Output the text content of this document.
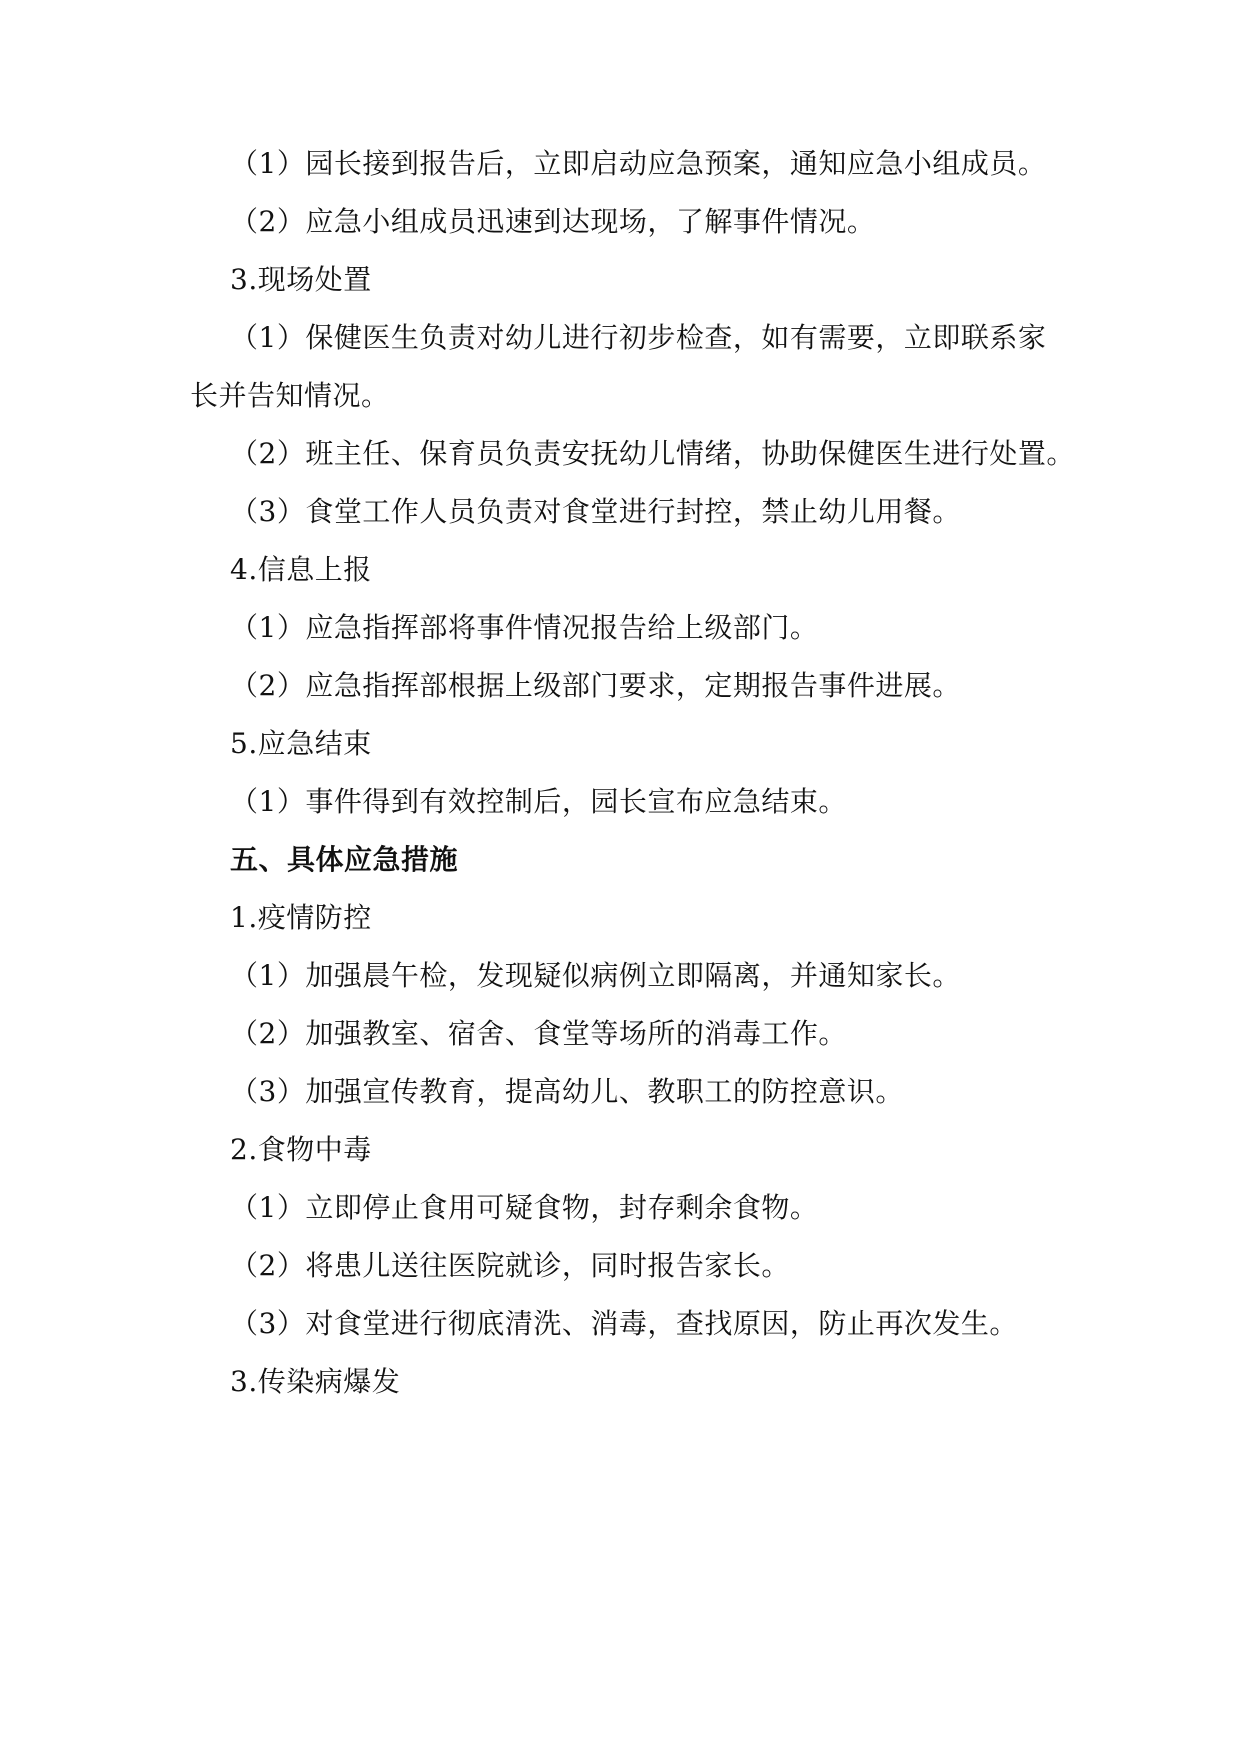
（1）园长接到报告后，立即启动应急预案，通知应急小组成员。
（2）应急小组成员迅速到达现场，了解事件情况。
3.现场处置
（1）保健医生负责对幼儿进行初步检查，如有需要，立即联系家
长并告知情况。
（2）班主任、保育员负责安抚幼儿情绪，协助保健医生进行处置。
（3）食堂工作人员负责对食堂进行封控，禁止幼儿用餐。
4.信息上报
（1）应急指挥部将事件情况报告给上级部门。
（2）应急指挥部根据上级部门要求，定期报告事件进展。
5.应急结束
（1）事件得到有效控制后，园长宣布应急结束。
五、具体应急措施
1.疫情防控
（1）加强晨午检，发现疑似病例立即隔离，并通知家长。
（2）加强教室、宿舍、食堂等场所的消毒工作。
（3）加强宣传教育，提高幼儿、教职工的防控意识。
2.食物中毒
（1）立即停止食用可疑食物，封存剩余食物。
（2）将患儿送往医院就诊，同时报告家长。
（3）对食堂进行彻底清洗、消毒，查找原因，防止再次发生。
3.传染病爆发
